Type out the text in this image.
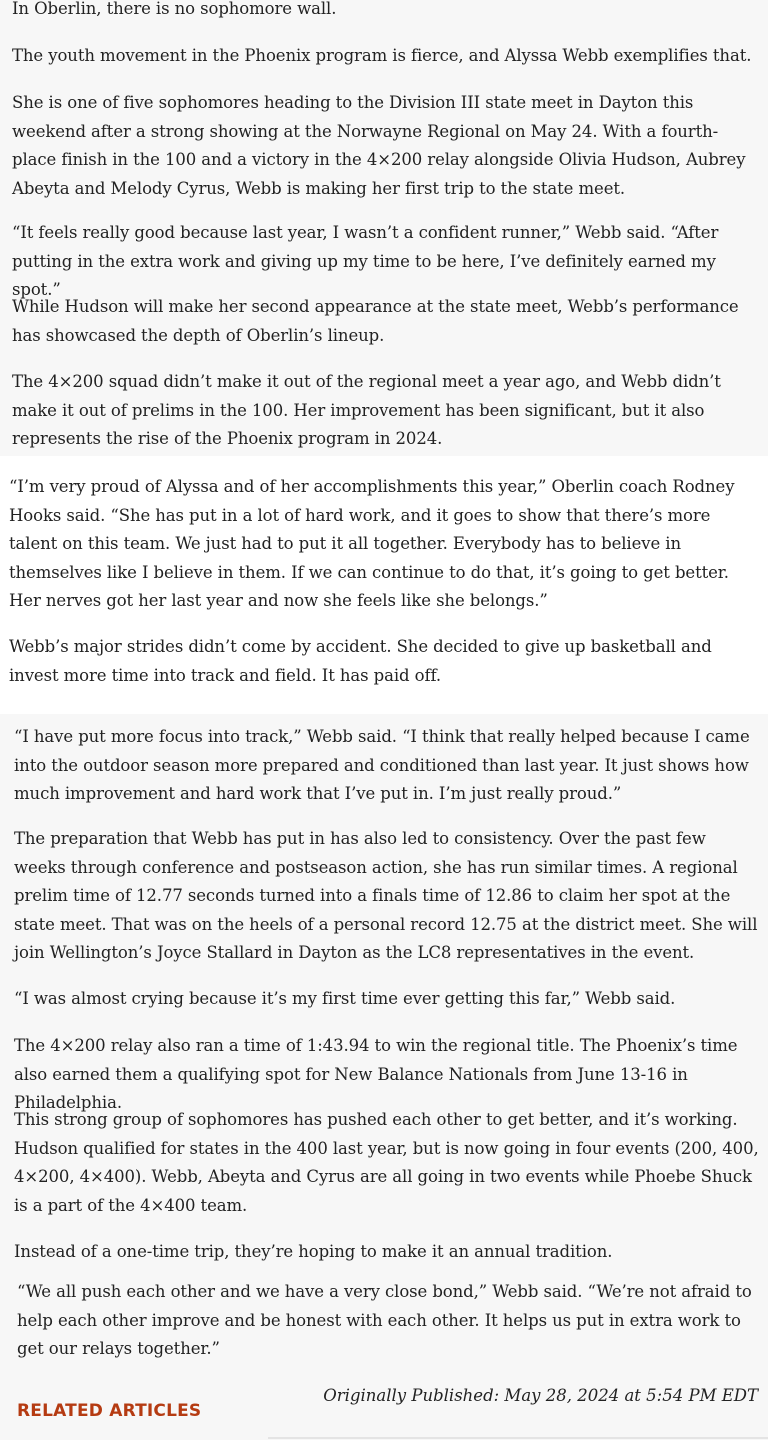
In Oberlin, there is no sophomore wall.

The youth movement in the Phoenix program is fierce, and Alyssa Webb exemplifies that.

She is one of five sophomores heading to the Division III state meet in Dayton this weekend after a strong showing at the Norwayne Regional on May 24. With a fourth-place finish in the 100 and a victory in the 4×200 relay alongside Olivia Hudson, Aubrey Abeyta and Melody Cyrus, Webb is making her first trip to the state meet.

“It feels really good because last year, I wasn’t a confident runner,” Webb said. “After putting in the extra work and giving up my time to be here, I’ve definitely earned my spot.”

While Hudson will make her second appearance at the state meet, Webb’s performance has showcased the depth of Oberlin’s lineup.

The 4×200 squad didn’t make it out of the regional meet a year ago, and Webb didn’t make it out of prelims in the 100. Her improvement has been significant, but it also represents the rise of the Phoenix program in 2024.

“I’m very proud of Alyssa and of her accomplishments this year,” Oberlin coach Rodney Hooks said. “She has put in a lot of hard work, and it goes to show that there’s more talent on this team. We just had to put it all together. Everybody has to believe in themselves like I believe in them. If we can continue to do that, it’s going to get better. Her nerves got her last year and now she feels like she belongs.”

Webb’s major strides didn’t come by accident. She decided to give up basketball and invest more time into track and field. It has paid off.

“I have put more focus into track,” Webb said. “I think that really helped because I came into the outdoor season more prepared and conditioned than last year. It just shows how much improvement and hard work that I’ve put in. I’m just really proud.”

The preparation that Webb has put in has also led to consistency. Over the past few weeks through conference and postseason action, she has run similar times. A regional prelim time of 12.77 seconds turned into a finals time of 12.86 to claim her spot at the state meet. That was on the heels of a personal record 12.75 at the district meet. She will join Wellington’s Joyce Stallard in Dayton as the LC8 representatives in the event.

“I was almost crying because it’s my first time ever getting this far,” Webb said.

The 4×200 relay also ran a time of 1:43.94 to win the regional title. The Phoenix’s time also earned them a qualifying spot for New Balance Nationals from June 13-16 in Philadelphia.

This strong group of sophomores has pushed each other to get better, and it’s working. Hudson qualified for states in the 400 last year, but is now going in four events (200, 400, 4×200, 4×400). Webb, Abeyta and Cyrus are all going in two events while Phoebe Shuck is a part of the 4×400 team.

Instead of a one-time trip, they’re hoping to make it an annual tradition.

“We all push each other and we have a very close bond,” Webb said. “We’re not afraid to help each other improve and be honest with each other. It helps us put in extra work to get our relays together.”

Originally Published: May 28, 2024 at 5:54 PM EDT
RELATED ARTICLES
